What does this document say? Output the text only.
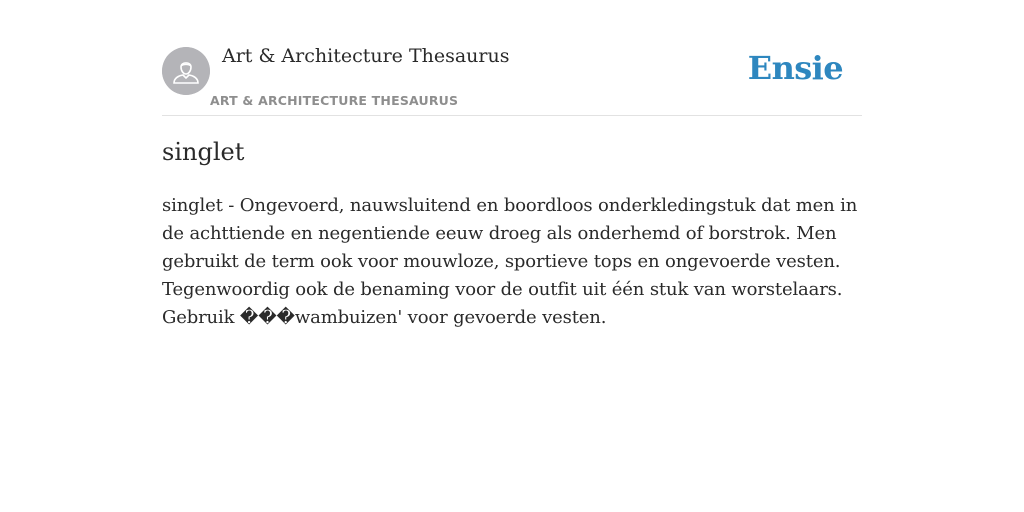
Art & Architecture Thesaurus
ART & ARCHITECTURE THESAURUS
Ensie
singlet

singlet - Ongevoerd, nauwsluitend en boordloos onderkledingstuk dat men in de achttiende en negentiende eeuw droeg als onderhemd of borstrok. Men gebruikt de term ook voor mouwloze, sportieve tops en ongevoerde vesten. Tegenwoordig ook de benaming voor de outfit uit één stuk van worstelaars. Gebruik ���wambuizen' voor gevoerde vesten.
